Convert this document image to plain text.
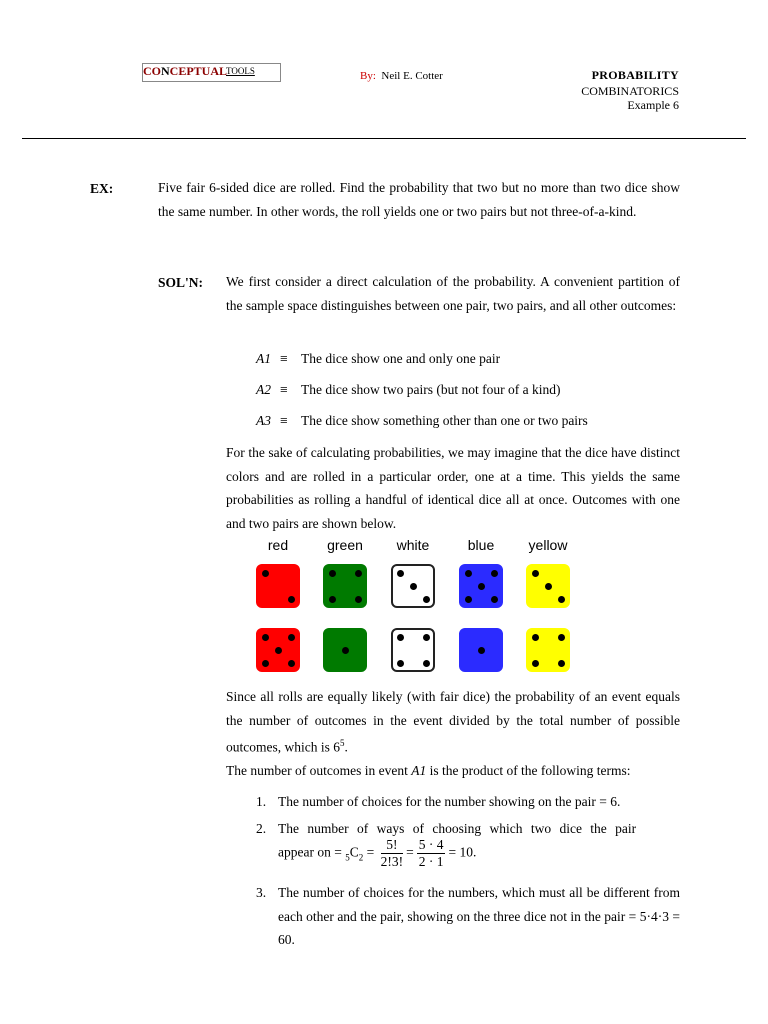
CONCEPTUAL
TOOLS	By: Neil E. Cotter	PROBABILITY
COMBINATORICS
Example 6
EX:	Five fair 6-sided dice are rolled. Find the probability that two but no more than two dice show the same number. In other words, the roll yields one or two pairs but not three-of-a-kind.
SOL'N: We first consider a direct calculation of the probability. A convenient partition of the sample space distinguishes between one pair, two pairs, and all other outcomes:
A1 ≡ The dice show one and only one pair
A2 ≡ The dice show two pairs (but not four of a kind)
A3 ≡ The dice show something other than one or two pairs
For the sake of calculating probabilities, we may imagine that the dice have distinct colors and are rolled in a particular order, one at a time. This yields the same probabilities as rolling a handful of identical dice all at once. Outcomes with one and two pairs are shown below.
red	green	white	blue	yellow
Since all rolls are equally likely (with fair dice) the probability of an event equals the number of outcomes in the event divided by the total number of possible outcomes, which is $6^5$.
The number of outcomes in event A1 is the product of the following terms:
1. The number of choices for the number showing on the pair = 6.
2. The number of ways of choosing which two dice the pair
appear on = $_5C_2 = \frac{5!}{2!3!} = \frac{5 \cdot 4}{2 \cdot 1} = 10$.
3. The number of choices for the numbers, which must all be different from each other and the pair, showing on the three dice not in the pair = 5·4·3 = 60.
